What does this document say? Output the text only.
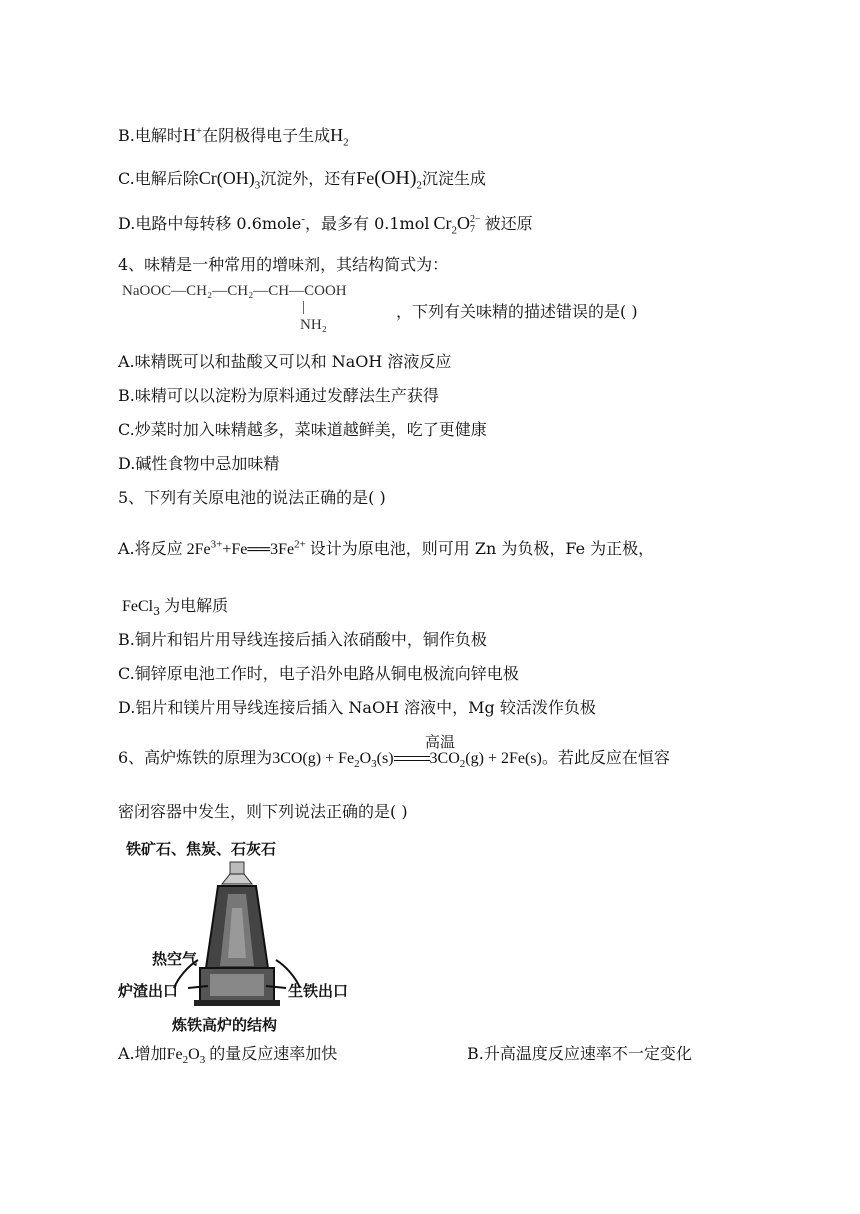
B.电解时H+在阴极得电子生成$H_2$
C.电解后除$Cr(OH)_3$沉淀外，还有$Fe(OH)_2$沉淀生成
D.电路中每转移 0.6mole-，最多有 0.1mol $Cr_2O$ 2−
7 被还原
4、味精是一种常用的增味剂，其结构简式为：
NaOOC—CH₂—CH₂—CH—COOH
|
NH₂
，下列有关味精的描述错误的是( )
A.味精既可以和盐酸又可以和 NaOH 溶液反应
B.味精可以以淀粉为原料通过发酵法生产获得
C.炒菜时加入味精越多，菜味道越鲜美，吃了更健康
D.碱性食物中忌加味精
5、下列有关原电池的说法正确的是( )
A.将反应 $2Fe^{3+}+Fe══3Fe^{2+}$ 设计为原电池，则可用 Zn 为负极，Fe 为正极，
FeCl$_3$ 为电解质
B.铜片和铝片用导线连接后插入浓硝酸中，铜作负极
C.铜锌原电池工作时，电子沿外电路从铜电极流向锌电极
D.铝片和镁片用导线连接后插入 NaOH 溶液中，Mg 较活泼作负极
6、高炉炼铁的原理为$3CO(g) + Fe_2O_3(s) 3CO_2(g) + 2Fe(s)$。若此反应在恒容
高温
密闭容器中发生，则下列说法正确的是( )
铁矿石、焦炭、石灰石
热空气
炉渣出口	生铁出口
炼铁高炉的结构
A.增加$Fe_2O_3$ 的量反应速率加快	B.升高温度反应速率不一定变化
